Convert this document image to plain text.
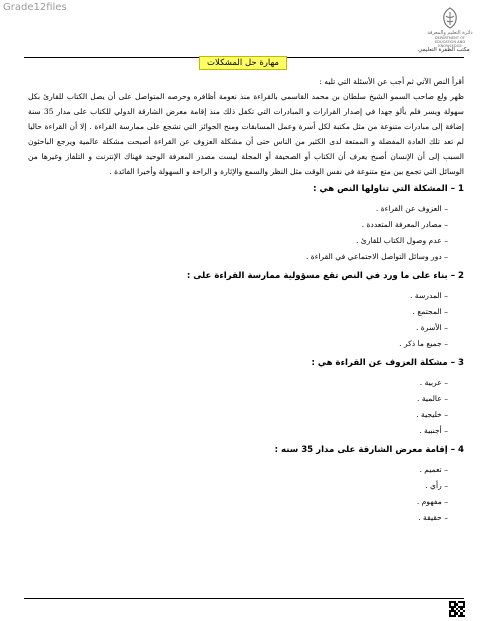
Grade12files
دائرة التعليم والمعرفة
DEPARTMENT OF EDUCATION AND KNOWLEDGE
مكتب الظفرة التعليمي
مهارة حل المشكلات

أقرأ النص الآتي ثم أجب عن الأسئلة التي تليه :

ظهر ولع صاحب السمو الشيخ سلطان بن محمد القاسمي بالقراءة منذ نعومة أظافره وحرصه المتواصل على أن يصل الكتاب للقارئ بكل سهولة ويسر فلم يألو جهدا في إصدار القرارات و المبادرات التي تكفل ذلك منذ إقامة معرض الشارقة الدولي للكتاب على مدار 35 سنة إضافة إلى مبادرات متنوعة من مثل مكتبة لكل أسرة وعمل المسابقات ومنح الجوائز التي تشجع على ممارسة القراءة . إلا أن القراءة حاليا لم تعد تلك العادة المفضلة و الممتعة لدى الكثير من الناس حتى أن مشكلة العزوف عن القراءة أصبحت مشكلة عالمية ويرجع الباحثون السبب إلى أن الإنسان أصبح يعرف أن الكتاب أو الصحيفة أو المجلة ليست مصدر المعرفة الوحيد فهناك الإنترنت و التلفاز وغيرها من الوسائل التي تجمع بين متع متنوعة في نفس الوقت مثل النظر والسمع والإثارة و الراحة و السهولة وأخيرا الفائدة .

1 – المشكلة التي تناولها النص هي :

– العزوف عن القراءة .
– مصادر المعرفة المتعددة .
– عدم وصول الكتاب للقارئ .
– دور وسائل التواصل الاجتماعي في القراءة .

2 – بناء على ما ورد في النص تقع مسؤولية ممارسة القراءة على :

– المدرسة .
– المجتمع .
– الأسرة .
– جميع ما ذكر .

3 – مشكلة العزوف عن القراءة هي :

– عربية .
– عالمية .
– خليجية .
– أجنبية .

4 – إقامة معرض الشارقة على مدار 35 سنه :

– تعميم .
– رأي .
– مفهوم .
– حقيقة .
